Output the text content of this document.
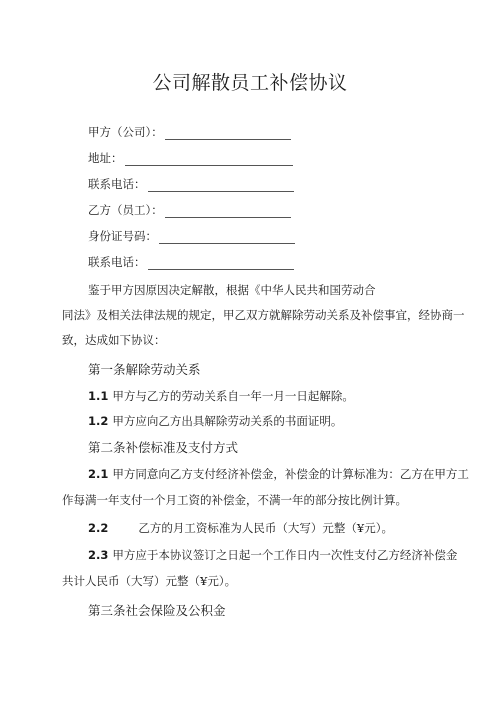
公司解散员工补偿协议
甲方（公司）：
地址：
联系电话：
乙方（员工）：
身份证号码：
联系电话：
鉴于甲方因原因决定解散，根据《中华人民共和国劳动合
同法》及相关法律法规的规定，甲乙双方就解除劳动关系及补偿事宜，经协商一
致，达成如下协议：
第一条解除劳动关系
1.1 甲方与乙方的劳动关系自一年一月一日起解除。
1.2 甲方应向乙方出具解除劳动关系的书面证明。
第二条补偿标准及支付方式
2.1 甲方同意向乙方支付经济补偿金，补偿金的计算标准为：乙方在甲方工
作每满一年支付一个月工资的补偿金，不满一年的部分按比例计算。
2.2	乙方的月工资标准为人民币（大写）元整（¥元）。
2.3 甲方应于本协议签订之日起一个工作日内一次性支付乙方经济补偿金
共计人民币（大写）元整（¥元）。
第三条社会保险及公积金
